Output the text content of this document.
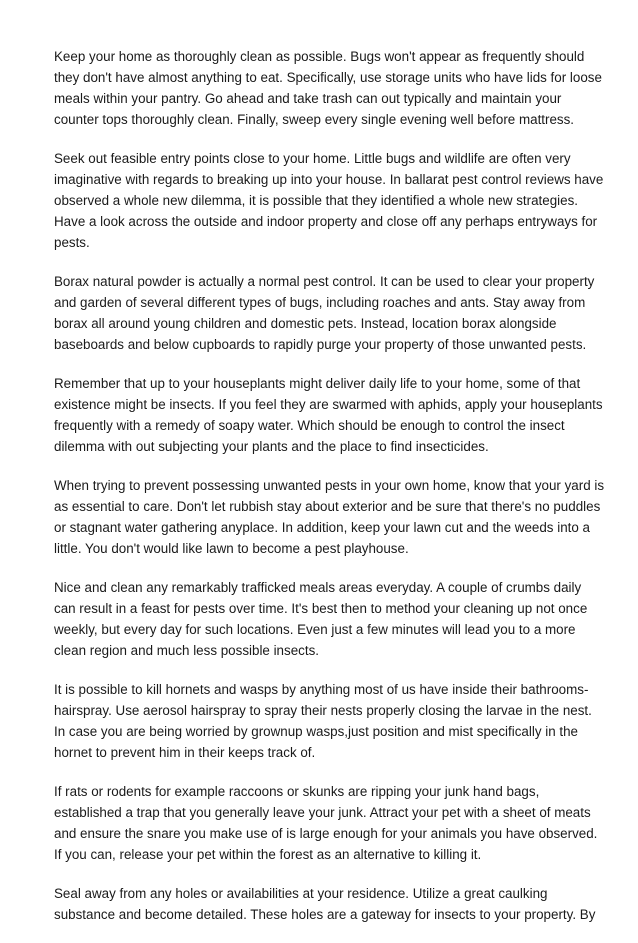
Keep your home as thoroughly clean as possible. Bugs won't appear as frequently should
they don't have almost anything to eat. Specifically, use storage units who have lids for loose
meals within your pantry. Go ahead and take trash can out typically and maintain your
counter tops thoroughly clean. Finally, sweep every single evening well before mattress.

Seek out feasible entry points close to your home. Little bugs and wildlife are often very
imaginative with regards to breaking up into your house. In ballarat pest control reviews have
observed a whole new dilemma, it is possible that they identified a whole new strategies.
Have a look across the outside and indoor property and close off any perhaps entryways for
pests.

Borax natural powder is actually a normal pest control. It can be used to clear your property
and garden of several different types of bugs, including roaches and ants. Stay away from
borax all around young children and domestic pets. Instead, location borax alongside
baseboards and below cupboards to rapidly purge your property of those unwanted pests.

Remember that up to your houseplants might deliver daily life to your home, some of that
existence might be insects. If you feel they are swarmed with aphids, apply your houseplants
frequently with a remedy of soapy water. Which should be enough to control the insect
dilemma with out subjecting your plants and the place to find insecticides.

When trying to prevent possessing unwanted pests in your own home, know that your yard is
as essential to care. Don't let rubbish stay about exterior and be sure that there's no puddles
or stagnant water gathering anyplace. In addition, keep your lawn cut and the weeds into a
little. You don't would like lawn to become a pest playhouse.

Nice and clean any remarkably trafficked meals areas everyday. A couple of crumbs daily
can result in a feast for pests over time. It's best then to method your cleaning up not once
weekly, but every day for such locations. Even just a few minutes will lead you to a more
clean region and much less possible insects.

It is possible to kill hornets and wasps by anything most of us have inside their bathrooms-
hairspray. Use aerosol hairspray to spray their nests properly closing the larvae in the nest.
In case you are being worried by grownup wasps,just position and mist specifically in the
hornet to prevent him in their keeps track of.

If rats or rodents for example raccoons or skunks are ripping your junk hand bags,
established a trap that you generally leave your junk. Attract your pet with a sheet of meats
and ensure the snare you make use of is large enough for your animals you have observed.
If you can, release your pet within the forest as an alternative to killing it.

Seal away from any holes or availabilities at your residence. Utilize a great caulking
substance and become detailed. These holes are a gateway for insects to your property. By
